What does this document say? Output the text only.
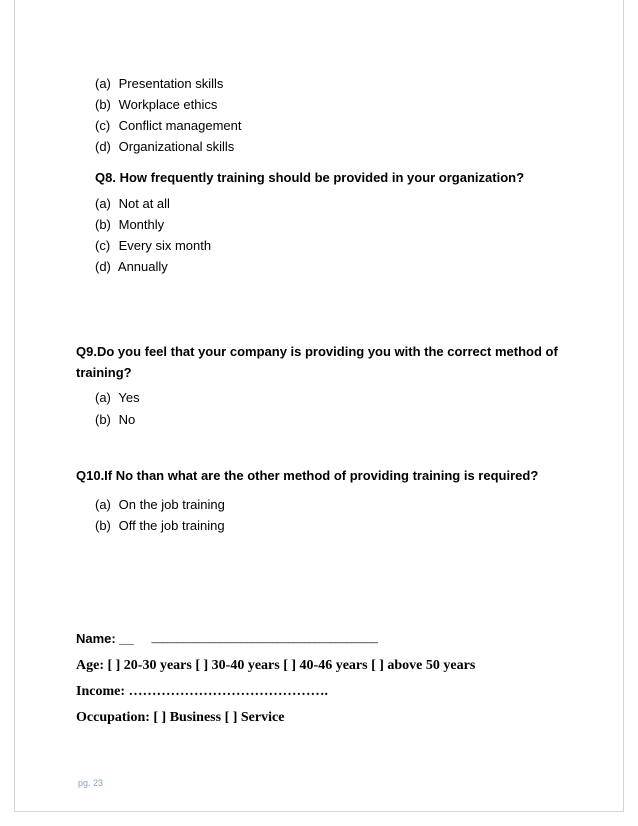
(a) Presentation skills
(b) Workplace ethics
(c) Conflict management
(d) Organizational skills
Q8. How frequently training should be provided in your organization?
(a) Not at all
(b) Monthly
(c) Every six month
(d) Annually
Q9.Do you feel that your company is providing you with the correct method of
training?
(a) Yes
(b) No
Q10.If No than what are the other method of providing training is required?
(a) On the job training
(b) Off the job training
Name: __ ___________________________________________
Age: [ ] 20-30 years [ ] 30-40 years [ ] 40-46 years [ ] above 50 years
Income: …………………………………….
Occupation: [ ] Business [ ] Service
pg. 23
